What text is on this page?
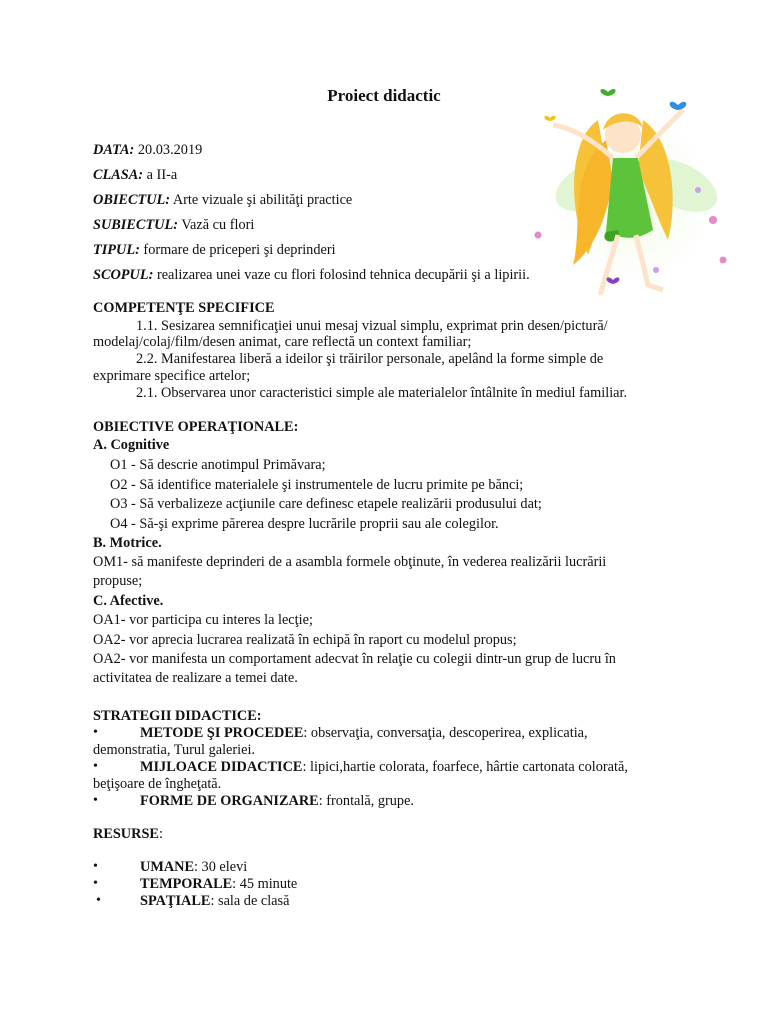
Proiect didactic
DATA: 20.03.2019
CLASA: a II-a
OBIECTUL: Arte vizuale şi abilităţi practice
SUBIECTUL: Vază cu flori
TIPUL: formare de priceperi şi deprinderi
SCOPUL: realizarea unei vaze cu flori folosind tehnica decupării şi a lipirii.
COMPETENŢE SPECIFICE
1.1. Sesizarea semnificaţiei unui mesaj vizual simplu, exprimat prin desen/pictură/
modelaj/colaj/film/desen animat, care reflectă un context familiar;
2.2. Manifestarea liberă a ideilor şi trăirilor personale, apelând la forme simple de
exprimare specifice artelor;
2.1. Observarea unor caracteristici simple ale materialelor întâlnite în mediul familiar.
OBIECTIVE OPERAŢIONALE:
A. Cognitive
O1 - Să descrie anotimpul Primăvara;
O2 - Să identifice materialele şi instrumentele de lucru primite pe bănci;
O3 - Să verbalizeze acţiunile care definesc etapele realizării produsului dat;
O4 - Să-şi exprime părerea despre lucrările proprii sau ale colegilor.
B. Motrice.
OM1- să manifeste deprinderi de a asambla formele obţinute, în vederea realizării lucrării
propuse;
C. Afective.
OA1- vor participa cu interes la lecţie;
OA2- vor aprecia lucrarea realizată în echipă în raport cu modelul propus;
OA2- vor manifesta un comportament adecvat în relaţie cu colegii dintr-un grup de lucru în
activitatea de realizare a temei date.
STRATEGII DIDACTICE:
•	METODE ŞI PROCEDEE: observaţia, conversaţia, descoperirea, explicatia,
demonstratia, Turul galeriei.
•	MIJLOACE DIDACTICE: lipici,hartie colorata, foarfece, hârtie cartonata colorată,
beţişoare de îngheţată.
•	FORME DE ORGANIZARE: frontală, grupe.
RESURSE:
•	UMANE: 30 elevi
•	TEMPORALE: 45 minute
•	SPAŢIALE: sala de clasă
